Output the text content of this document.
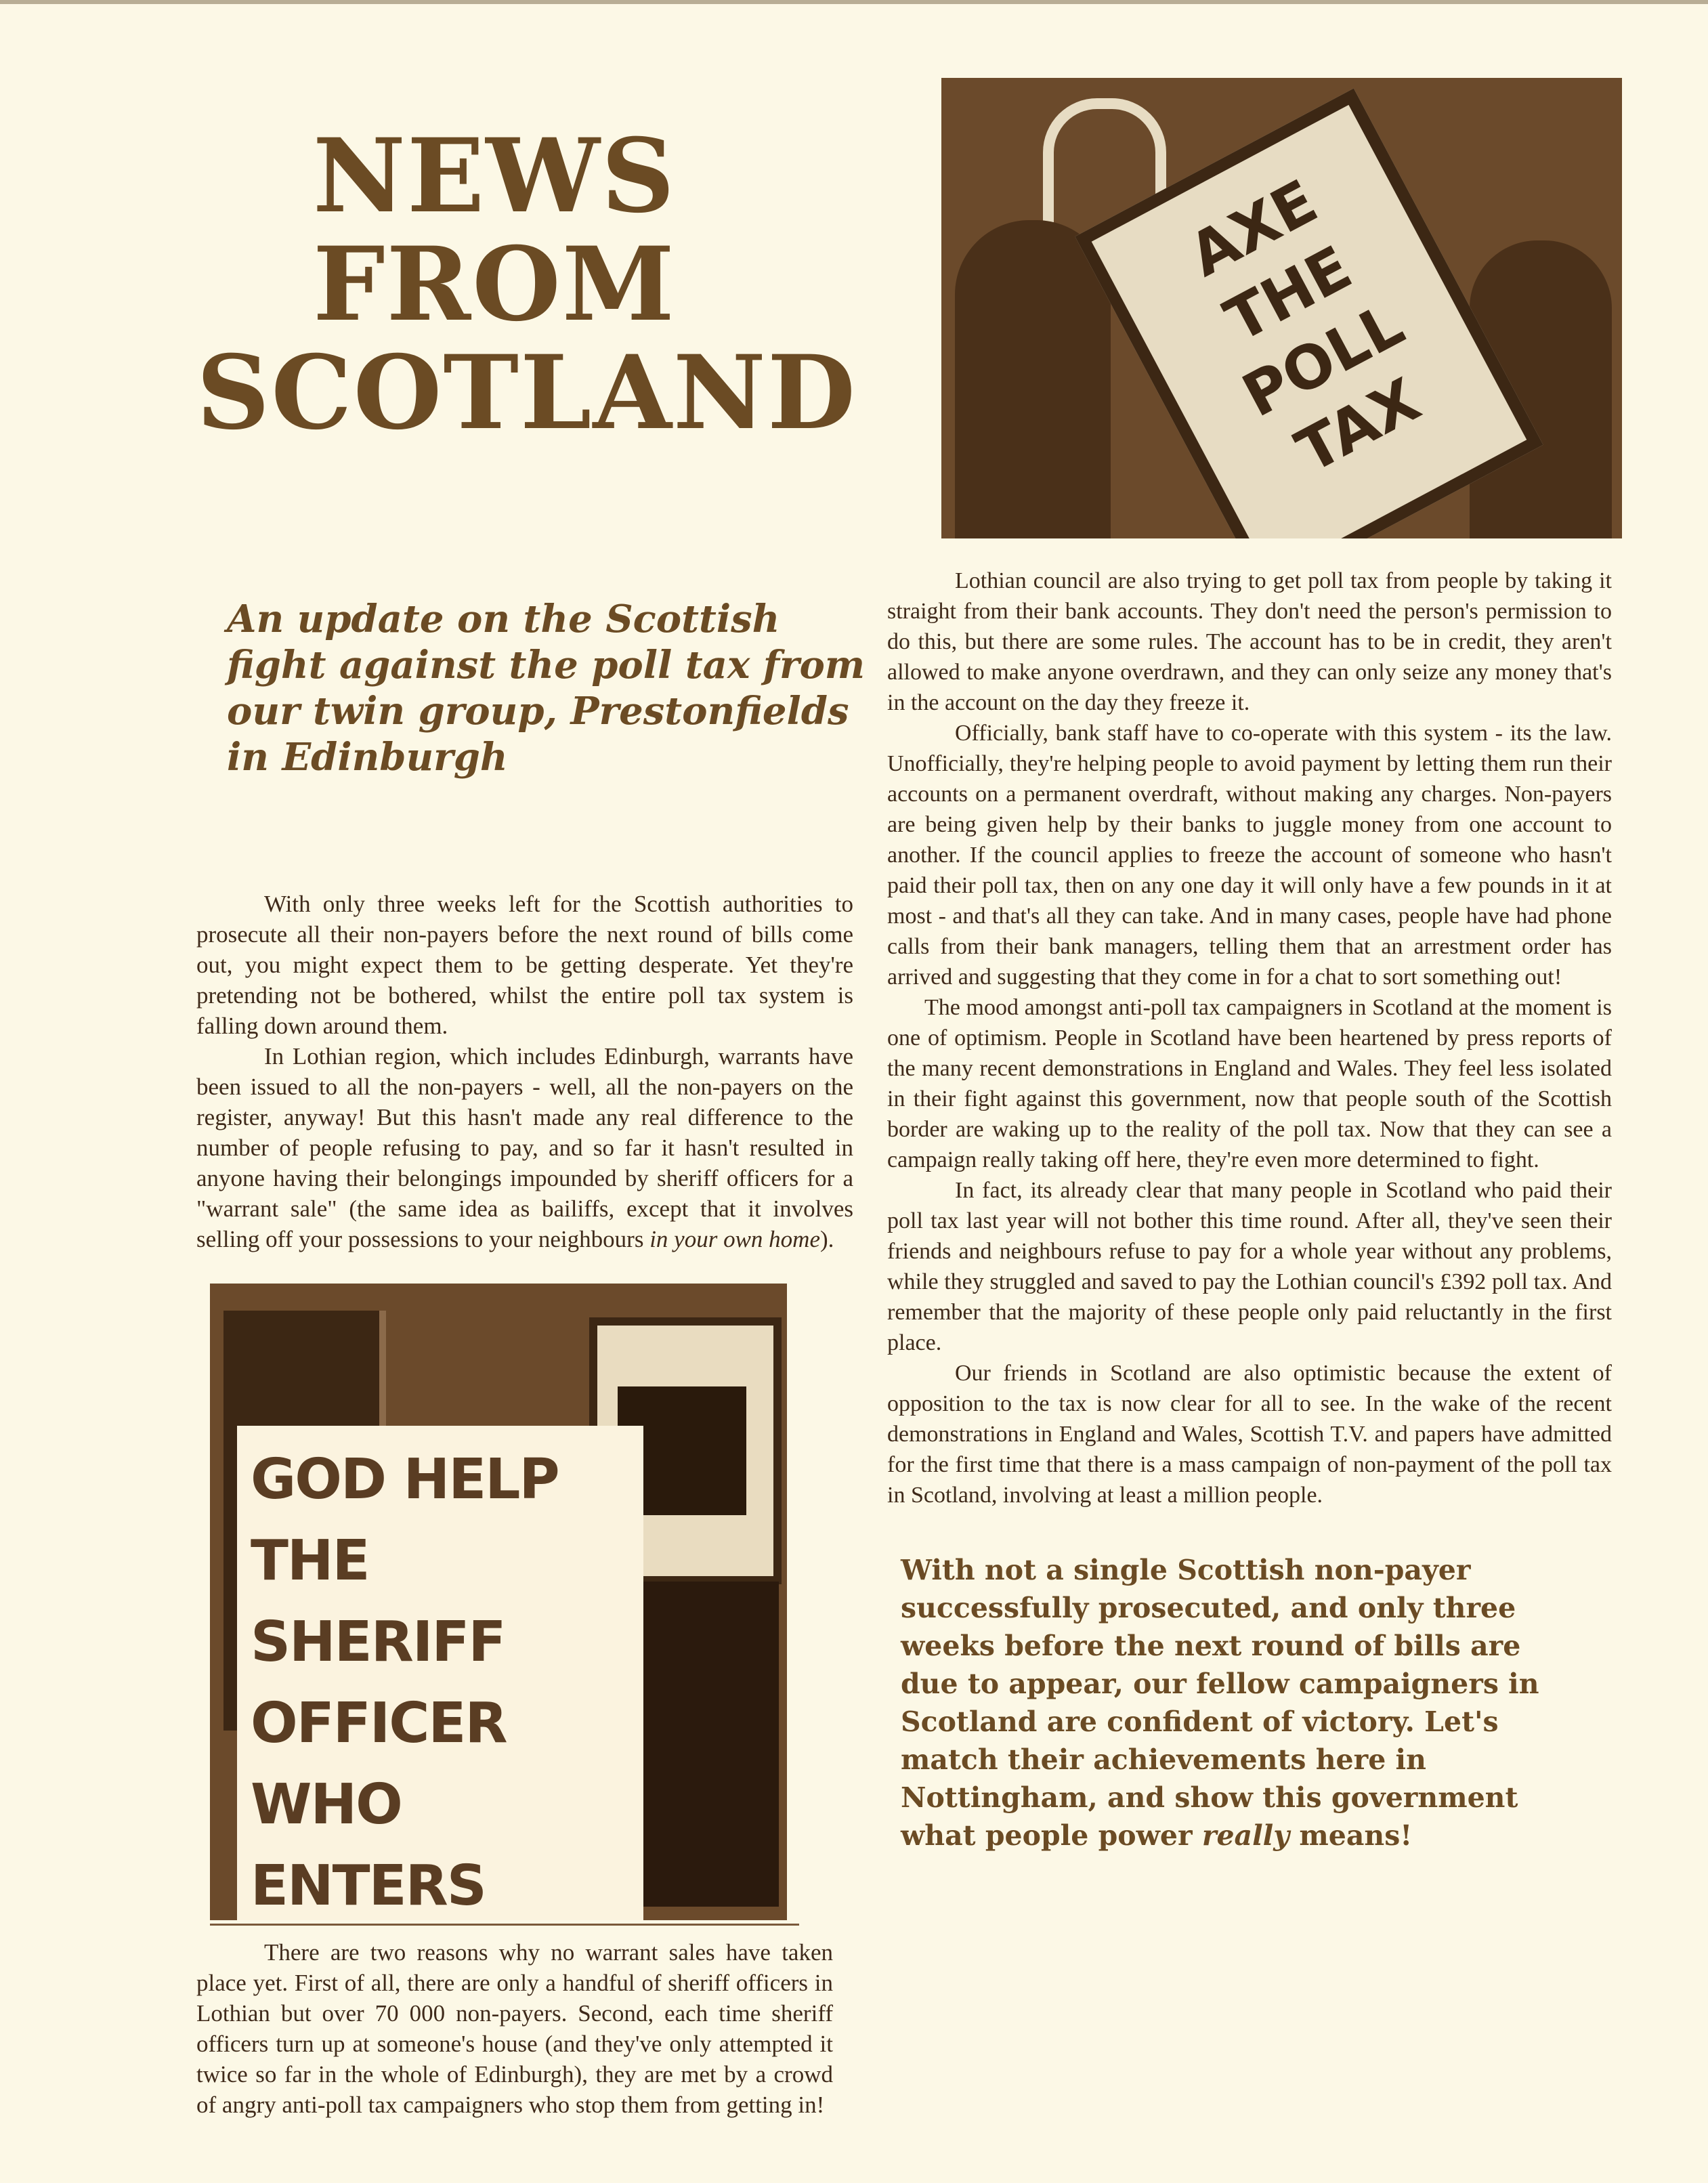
NEWS
FROM
SCOTLAND
An update on the Scottish fight against the poll tax from our twin group, Prestonfields in Edinburgh

With only three weeks left for the Scottish authorities to prosecute all their non-payers before the next round of bills come out, you might expect them to be getting desperate. Yet they're pretending not be bothered, whilst the entire poll tax system is falling down around them.

In Lothian region, which includes Edinburgh, warrants have been issued to all the non-payers - well, all the non-payers on the register, anyway! But this hasn't made any real difference to the number of people refusing to pay, and so far it hasn't resulted in anyone having their belongings impounded by sheriff officers for a "warrant sale" (the same idea as bailiffs, except that it involves selling off your possessions to your neighbours in your own home).

GOD HELP THE
SHERIFF OFFICER
WHO ENTERS

There are two reasons why no warrant sales have taken place yet. First of all, there are only a handful of sheriff officers in Lothian but over 70 000 non-payers. Second, each time sheriff officers turn up at someone's house (and they've only attempted it twice so far in the whole of Edinburgh), they are met by a crowd of angry anti-poll tax campaigners who stop them from getting in!

AXE
THE
POLL
TAX

Lothian council are also trying to get poll tax from people by taking it straight from their bank accounts. They don't need the person's permission to do this, but there are some rules. The account has to be in credit, they aren't allowed to make anyone overdrawn, and they can only seize any money that's in the account on the day they freeze it.

Officially, bank staff have to co-operate with this system - its the law. Unofficially, they're helping people to avoid payment by letting them run their accounts on a permanent overdraft, without making any charges. Non-payers are being given help by their banks to juggle money from one account to another. If the council applies to freeze the account of someone who hasn't paid their poll tax, then on any one day it will only have a few pounds in it at most - and that's all they can take. And in many cases, people have had phone calls from their bank managers, telling them that an arrestment order has arrived and suggesting that they come in for a chat to sort something out!

The mood amongst anti-poll tax campaigners in Scotland at the moment is one of optimism. People in Scotland have been heartened by press reports of the many recent demonstrations in England and Wales. They feel less isolated in their fight against this government, now that people south of the Scottish border are waking up to the reality of the poll tax. Now that they can see a campaign really taking off here, they're even more determined to fight.

In fact, its already clear that many people in Scotland who paid their poll tax last year will not bother this time round. After all, they've seen their friends and neighbours refuse to pay for a whole year without any problems, while they struggled and saved to pay the Lothian council's £392 poll tax. And remember that the majority of these people only paid reluctantly in the first place.

Our friends in Scotland are also optimistic because the extent of opposition to the tax is now clear for all to see. In the wake of the recent demonstrations in England and Wales, Scottish T.V. and papers have admitted for the first time that there is a mass campaign of non-payment of the poll tax in Scotland, involving at least a million people.

With not a single Scottish non-payer successfully prosecuted, and only three weeks before the next round of bills are due to appear, our fellow campaigners in Scotland are confident of victory. Let's match their achievements here in Nottingham, and show this government what people power really means!
